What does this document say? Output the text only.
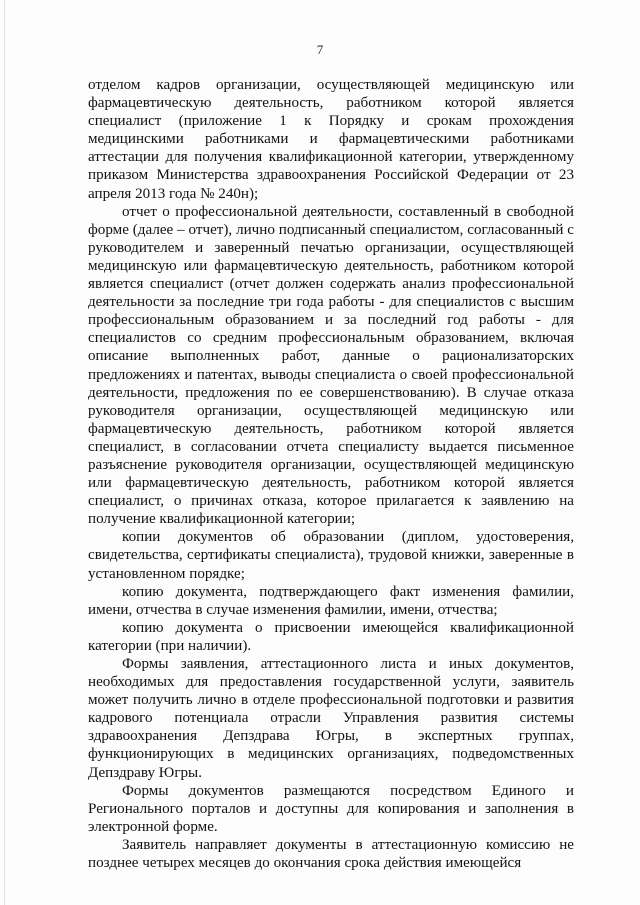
7

отделом кадров организации, осуществляющей медицинскую или фармацевтическую деятельность, работником которой является специалист (приложение 1 к Порядку и срокам прохождения медицинскими работниками и фармацевтическими работниками аттестации для получения квалификационной категории, утвержденному приказом Министерства здравоохранения Российской Федерации от 23 апреля 2013 года № 240н);

отчет о профессиональной деятельности, составленный в свободной форме (далее – отчет), лично подписанный специалистом, согласованный с руководителем и заверенный печатью организации, осуществляющей медицинскую или фармацевтическую деятельность, работником которой является специалист (отчет должен содержать анализ профессиональной деятельности за последние три года работы - для специалистов с высшим профессиональным образованием и за последний год работы - для специалистов со средним профессиональным образованием, включая описание выполненных работ, данные о рационализаторских предложениях и патентах, выводы специалиста о своей профессиональной деятельности, предложения по ее совершенствованию). В случае отказа руководителя организации, осуществляющей медицинскую или фармацевтическую деятельность, работником которой является специалист, в согласовании отчета специалисту выдается письменное разъяснение руководителя организации, осуществляющей медицинскую или фармацевтическую деятельность, работником которой является специалист, о причинах отказа, которое прилагается к заявлению на получение квалификационной категории;

копии документов об образовании (диплом, удостоверения, свидетельства, сертификаты специалиста), трудовой книжки, заверенные в установленном порядке;

копию документа, подтверждающего факт изменения фамилии, имени, отчества в случае изменения фамилии, имени, отчества;

копию документа о присвоении имеющейся квалификационной категории (при наличии).

Формы заявления, аттестационного листа и иных документов, необходимых для предоставления государственной услуги, заявитель может получить лично в отделе профессиональной подготовки и развития кадрового потенциала отрасли Управления развития системы здравоохранения Депздрава Югры, в экспертных группах, функционирующих в медицинских организациях, подведомственных Депздраву Югры.

Формы документов размещаются посредством Единого и Регионального порталов и доступны для копирования и заполнения в электронной форме.

Заявитель направляет документы в аттестационную комиссию не позднее четырех месяцев до окончания срока действия имеющейся
